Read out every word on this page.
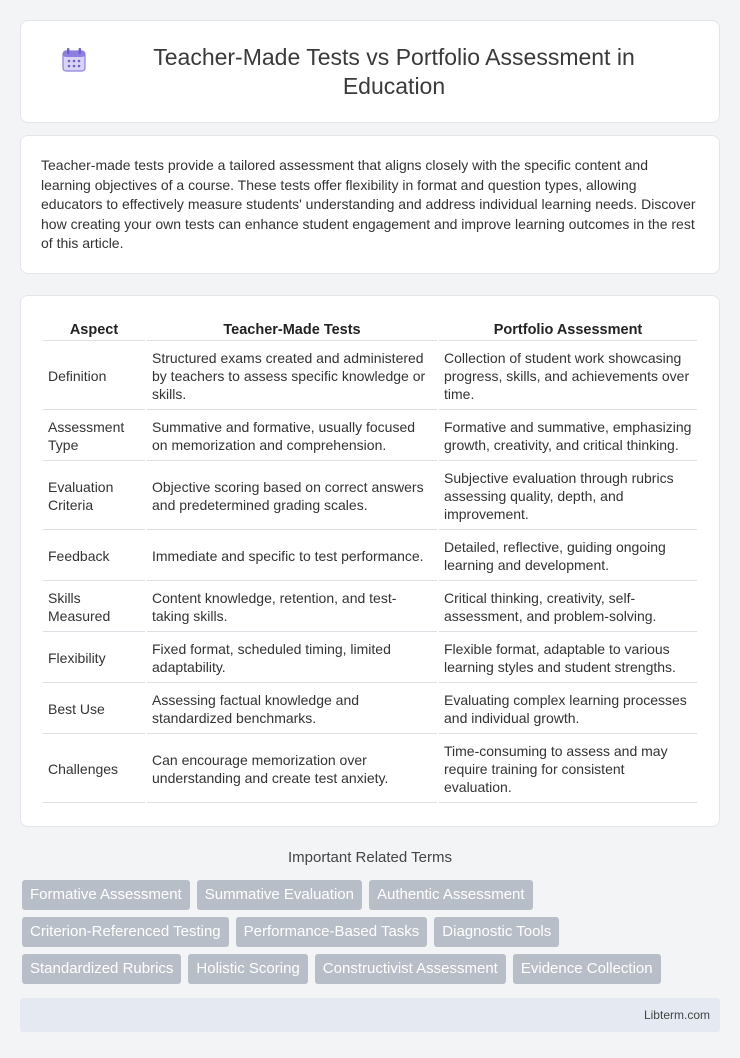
Teacher-Made Tests vs Portfolio Assessment in Education

Teacher-made tests provide a tailored assessment that aligns closely with the specific content and learning objectives of a course. These tests offer flexibility in format and question types, allowing educators to effectively measure students' understanding and address individual learning needs. Discover how creating your own tests can enhance student engagement and improve learning outcomes in the rest of this article.

Aspect	Teacher-Made Tests	Portfolio Assessment
Definition	Structured exams created and administered by teachers to assess specific knowledge or skills.	Collection of student work showcasing progress, skills, and achievements over time.
Assessment Type	Summative and formative, usually focused on memorization and comprehension.	Formative and summative, emphasizing growth, creativity, and critical thinking.
Evaluation Criteria	Objective scoring based on correct answers and predetermined grading scales.	Subjective evaluation through rubrics assessing quality, depth, and improvement.
Feedback	Immediate and specific to test performance.	Detailed, reflective, guiding ongoing learning and development.
Skills Measured	Content knowledge, retention, and test-taking skills.	Critical thinking, creativity, self-assessment, and problem-solving.
Flexibility	Fixed format, scheduled timing, limited adaptability.	Flexible format, adaptable to various learning styles and student strengths.
Best Use	Assessing factual knowledge and standardized benchmarks.	Evaluating complex learning processes and individual growth.
Challenges	Can encourage memorization over understanding and create test anxiety.	Time-consuming to assess and may require training for consistent evaluation.
Important Related Terms
Formative Assessment	Summative Evaluation	Authentic Assessment
Criterion-Referenced Testing	Performance-Based Tasks	Diagnostic Tools
Standardized Rubrics	Holistic Scoring	Constructivist Assessment	Evidence Collection
Libterm.com
